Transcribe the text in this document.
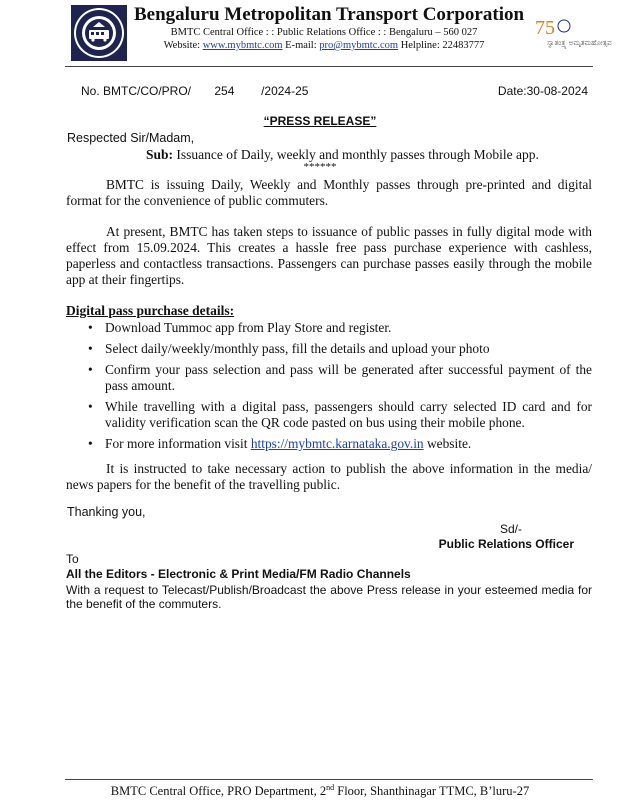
Bengaluru Metropolitan Transport Corporation
BMTC Central Office : : Public Relations Office : : Bengaluru – 560 027
Website: www.mybmtc.com E-mail: pro@mybmtc.com Helpline: 22483777
75
ಸ್ವಾತಂತ್ರ್ಯ ಅಮೃತಮಹೋತ್ಸವ
No. BMTC/CO/PRO/ 254 /2024-25	Date:30-08-2024
“PRESS RELEASE”
Respected Sir/Madam,
Sub: Issuance of Daily, weekly and monthly passes through Mobile app.
******

BMTC is issuing Daily, Weekly and Monthly passes through pre-printed and digital format for the convenience of public commuters.

At present, BMTC has taken steps to issuance of public passes in fully digital mode with effect from 15.09.2024. This creates a hassle free pass purchase experience with cashless, paperless and contactless transactions. Passengers can purchase passes easily through the mobile app at their fingertips.

Digital pass purchase details:
• Download Tummoc app from Play Store and register.
• Select daily/weekly/monthly pass, fill the details and upload your photo
• Confirm your pass selection and pass will be generated after successful payment of the pass amount.
• While travelling with a digital pass, passengers should carry selected ID card and for validity verification scan the QR code pasted on bus using their mobile phone.
• For more information visit https://mybmtc.karnataka.gov.in website.

It is instructed to take necessary action to publish the above information in the media/ news papers for the benefit of the travelling public.

Thanking you,
Sd/-
Public Relations Officer
To
All the Editors - Electronic & Print Media/FM Radio Channels

With a request to Telecast/Publish/Broadcast the above Press release in your esteemed media for the benefit of the commuters.

BMTC Central Office, PRO Department, 2nd Floor, Shanthinagar TTMC, B’luru-27
